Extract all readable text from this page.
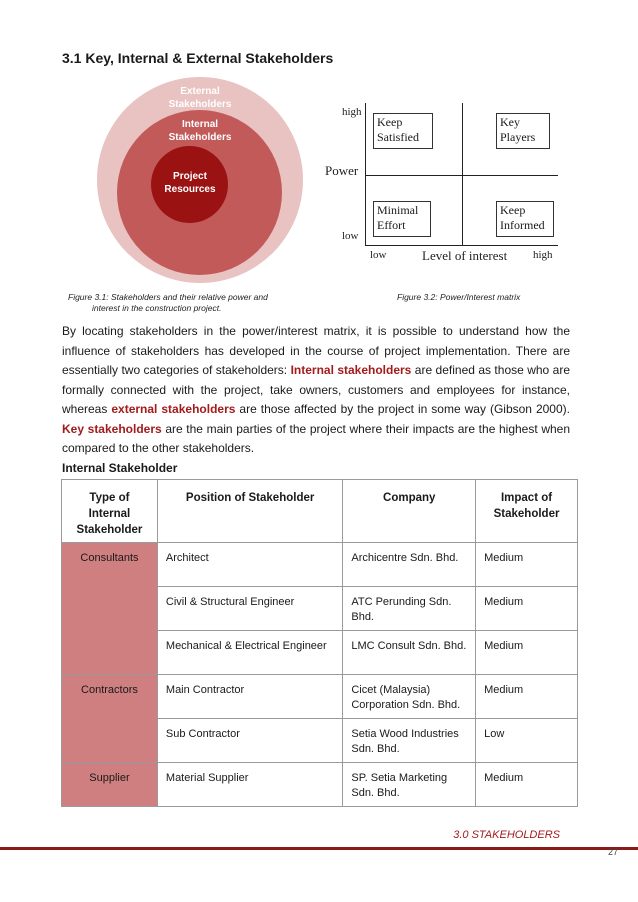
3.1 Key, Internal & External Stakeholders
External
Stakeholders
Internal
Stakeholders
Project
Resources
high
Power
low
Keep
Satisfied
Key
Players
Minimal
Effort
Keep
Informed
low	Level of interest high
Figure 3.1: Stakeholders and their relative power and
interest in the construction project.
Figure 3.2: Power/Interest matrix
By locating stakeholders in the power/interest matrix, it is possible to understand how the influence of stakeholders has developed in the course of project implementation. There are essentially two categories of stakeholders: Internal stakeholders are defined as those who are formally connected with the project, take owners, customers and employees for instance, whereas external stakeholders are those affected by the project in some way (Gibson 2000). Key stakeholders are the main parties of the project where their impacts are the highest when compared to the other stakeholders.
Internal Stakeholder
Type of Internal Stakeholder	Position of Stakeholder	Company	Impact of Stakeholder
Consultants	Architect	Archicentre Sdn. Bhd.	Medium
	Civil & Structural Engineer	ATC Perunding Sdn. Bhd.	Medium
	Mechanical & Electrical Engineer	LMC Consult Sdn. Bhd.	Medium
Contractors	Main Contractor	Cicet (Malaysia) Corporation Sdn. Bhd.	Medium
	Sub Contractor	Setia Wood Industries Sdn. Bhd.	Low
Supplier	Material Supplier	SP. Setia Marketing Sdn. Bhd.	Medium
3.0 STAKEHOLDERS
27
